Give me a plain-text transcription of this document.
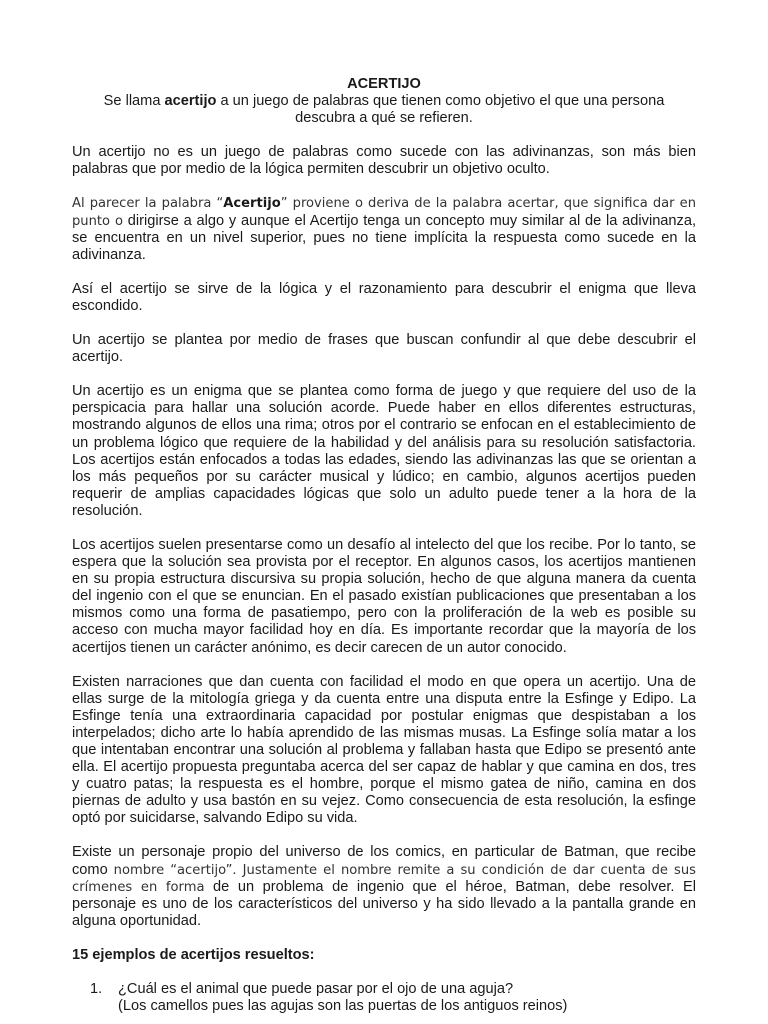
ACERTIJO
Se llama acertijo a un juego de palabras que tienen como objetivo el que una persona descubra a qué se refieren.

Un acertijo no es un juego de palabras como sucede con las adivinanzas, son más bien palabras que por medio de la lógica permiten descubrir un objetivo oculto.

Al parecer la palabra “Acertijo” proviene o deriva de la palabra acertar, que significa dar en punto o dirigirse a algo y aunque el Acertijo tenga un concepto muy similar al de la adivinanza, se encuentra en un nivel superior, pues no tiene implícita la respuesta como sucede en la adivinanza.

Así el acertijo se sirve de la lógica y el razonamiento para descubrir el enigma que lleva escondido.

Un acertijo se plantea por medio de frases que buscan confundir al que debe descubrir el acertijo.

Un acertijo es un enigma que se plantea como forma de juego y que requiere del uso de la perspicacia para hallar una solución acorde. Puede haber en ellos diferentes estructuras, mostrando algunos de ellos una rima; otros por el contrario se enfocan en el establecimiento de un problema lógico que requiere de la habilidad y del análisis para su resolución satisfactoria. Los acertijos están enfocados a todas las edades, siendo las adivinanzas las que se orientan a los más pequeños por su carácter musical y lúdico; en cambio, algunos acertijos pueden requerir de amplias capacidades lógicas que solo un adulto puede tener a la hora de la resolución.

Los acertijos suelen presentarse como un desafío al intelecto del que los recibe. Por lo tanto, se espera que la solución sea provista por el receptor. En algunos casos, los acertijos mantienen en su propia estructura discursiva su propia solución, hecho de que alguna manera da cuenta del ingenio con el que se enuncian. En el pasado existían publicaciones que presentaban a los mismos como una forma de pasatiempo, pero con la proliferación de la web es posible su acceso con mucha mayor facilidad hoy en día. Es importante recordar que la mayoría de los acertijos tienen un carácter anónimo, es decir carecen de un autor conocido.

Existen narraciones que dan cuenta con facilidad el modo en que opera un acertijo. Una de ellas surge de la mitología griega y da cuenta entre una disputa entre la Esfinge y Edipo. La Esfinge tenía una extraordinaria capacidad por postular enigmas que despistaban a los interpelados; dicho arte lo había aprendido de las mismas musas. La Esfinge solía matar a los que intentaban encontrar una solución al problema y fallaban hasta que Edipo se presentó ante ella. El acertijo propuesta preguntaba acerca del ser capaz de hablar y que camina en dos, tres y cuatro patas; la respuesta es el hombre, porque el mismo gatea de niño, camina en dos piernas de adulto y usa bastón en su vejez. Como consecuencia de esta resolución, la esfinge optó por suicidarse, salvando Edipo su vida.

Existe un personaje propio del universo de los comics, en particular de Batman, que recibe como nombre “acertijo”. Justamente el nombre remite a su condición de dar cuenta de sus crímenes en forma de un problema de ingenio que el héroe, Batman, debe resolver. El personaje es uno de los característicos del universo y ha sido llevado a la pantalla grande en alguna oportunidad.

15 ejemplos de acertijos resueltos:
1.	¿Cuál es el animal que puede pasar por el ojo de una aguja?
(Los camellos pues las agujas son las puertas de los antiguos reinos)
